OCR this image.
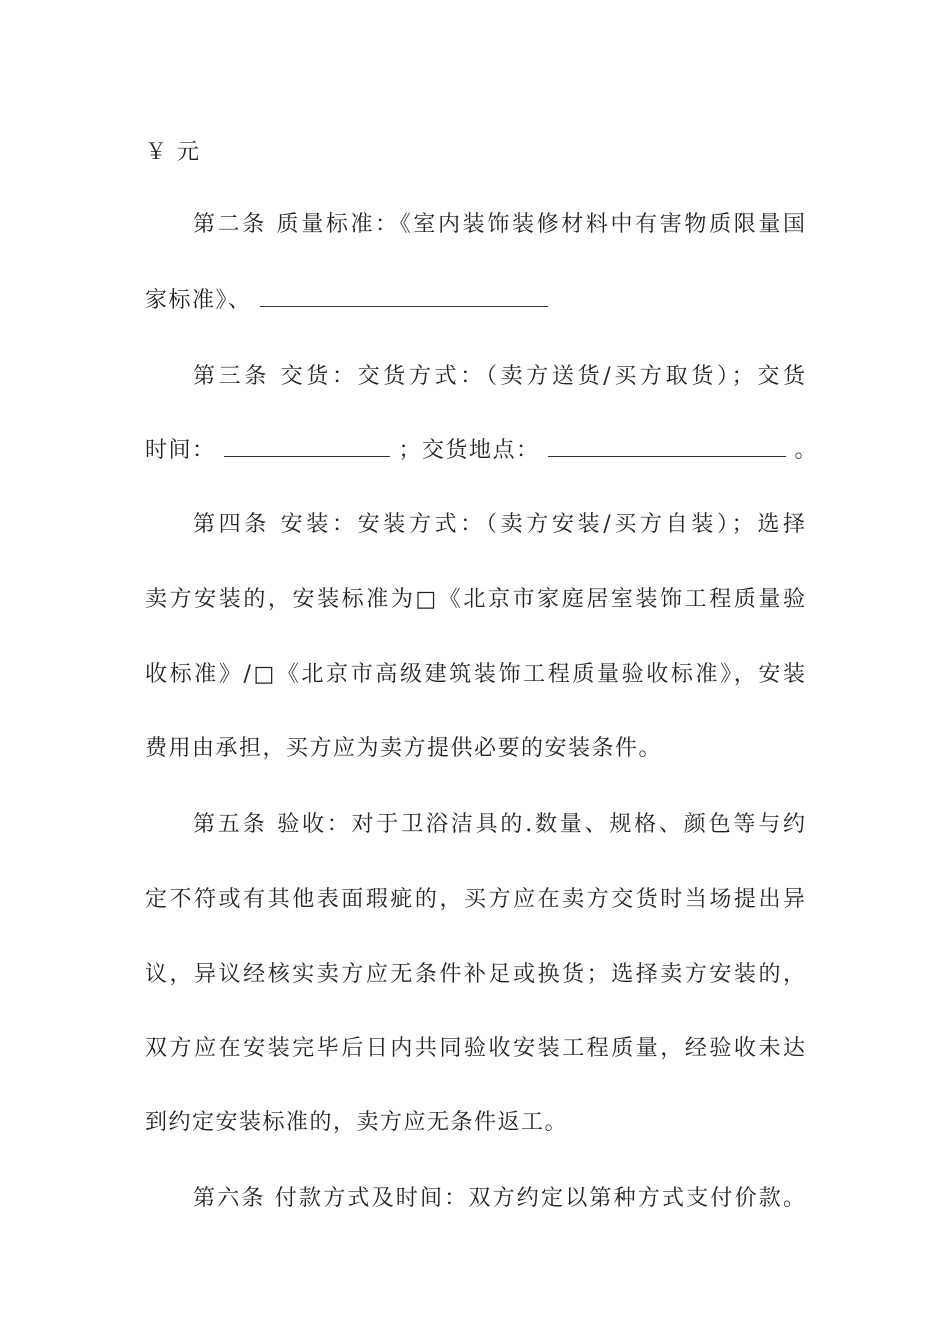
￥ 元
第二条 质量标准：《室内装饰装修材料中有害物质限量国
家标准》、
第三条 交货：交货方式：（卖方送货/买方取货）；交货
时间：	；交货地点：	。
第四条 安装：安装方式：（卖方安装/买方自装）；选择
卖方安装的，安装标准为□《北京市家庭居室装饰工程质量验
收标准》/□《北京市高级建筑装饰工程质量验收标准》，安装
费用由承担，买方应为卖方提供必要的安装条件。
第五条 验收：对于卫浴洁具的.数量、规格、颜色等与约
定不符或有其他表面瑕疵的，买方应在卖方交货时当场提出异
议，异议经核实卖方应无条件补足或换货；选择卖方安装的，
双方应在安装完毕后日内共同验收安装工程质量，经验收未达
到约定安装标准的，卖方应无条件返工。
第六条 付款方式及时间：双方约定以第种方式支付价款。
